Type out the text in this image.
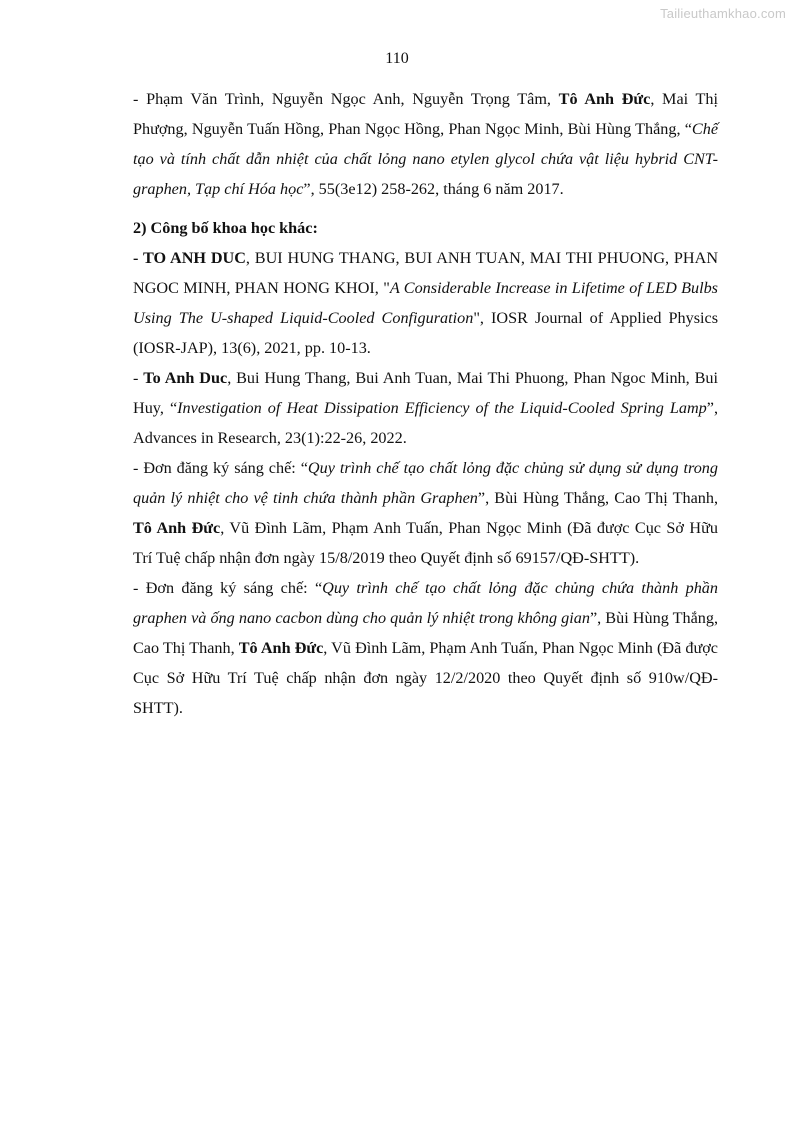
Tailieuthamkhao.com
110

- Phạm Văn Trình, Nguyễn Ngọc Anh, Nguyễn Trọng Tâm, Tô Anh Đức, Mai Thị Phượng, Nguyễn Tuấn Hồng, Phan Ngọc Hồng, Phan Ngọc Minh, Bùi Hùng Thắng, “Chế tạo và tính chất dẫn nhiệt của chất lỏng nano etylen glycol chứa vật liệu hybrid CNT-graphen, Tạp chí Hóa học”, 55(3e12) 258-262, tháng 6 năm 2017.

2) Công bố khoa học khác:

- TO ANH DUC, BUI HUNG THANG, BUI ANH TUAN, MAI THI PHUONG, PHAN NGOC MINH, PHAN HONG KHOI, "A Considerable Increase in Lifetime of LED Bulbs Using The U-shaped Liquid-Cooled Configuration", IOSR Journal of Applied Physics (IOSR-JAP), 13(6), 2021, pp. 10-13.

- To Anh Duc, Bui Hung Thang, Bui Anh Tuan, Mai Thi Phuong, Phan Ngoc Minh, Bui Huy, “Investigation of Heat Dissipation Efficiency of the Liquid-Cooled Spring Lamp”, Advances in Research, 23(1):22-26, 2022.

- Đơn đăng ký sáng chế: “Quy trình chế tạo chất lỏng đặc chủng sử dụng sử dụng trong quản lý nhiệt cho vệ tinh chứa thành phần Graphen”, Bùi Hùng Thắng, Cao Thị Thanh, Tô Anh Đức, Vũ Đình Lãm, Phạm Anh Tuấn, Phan Ngọc Minh (Đã được Cục Sở Hữu Trí Tuệ chấp nhận đơn ngày 15/8/2019 theo Quyết định số 69157/QĐ-SHTT).

- Đơn đăng ký sáng chế: “Quy trình chế tạo chất lỏng đặc chủng chứa thành phần graphen và ống nano cacbon dùng cho quản lý nhiệt trong không gian”, Bùi Hùng Thắng, Cao Thị Thanh, Tô Anh Đức, Vũ Đình Lãm, Phạm Anh Tuấn, Phan Ngọc Minh (Đã được Cục Sở Hữu Trí Tuệ chấp nhận đơn ngày 12/2/2020 theo Quyết định số 910w/QĐ-SHTT).
